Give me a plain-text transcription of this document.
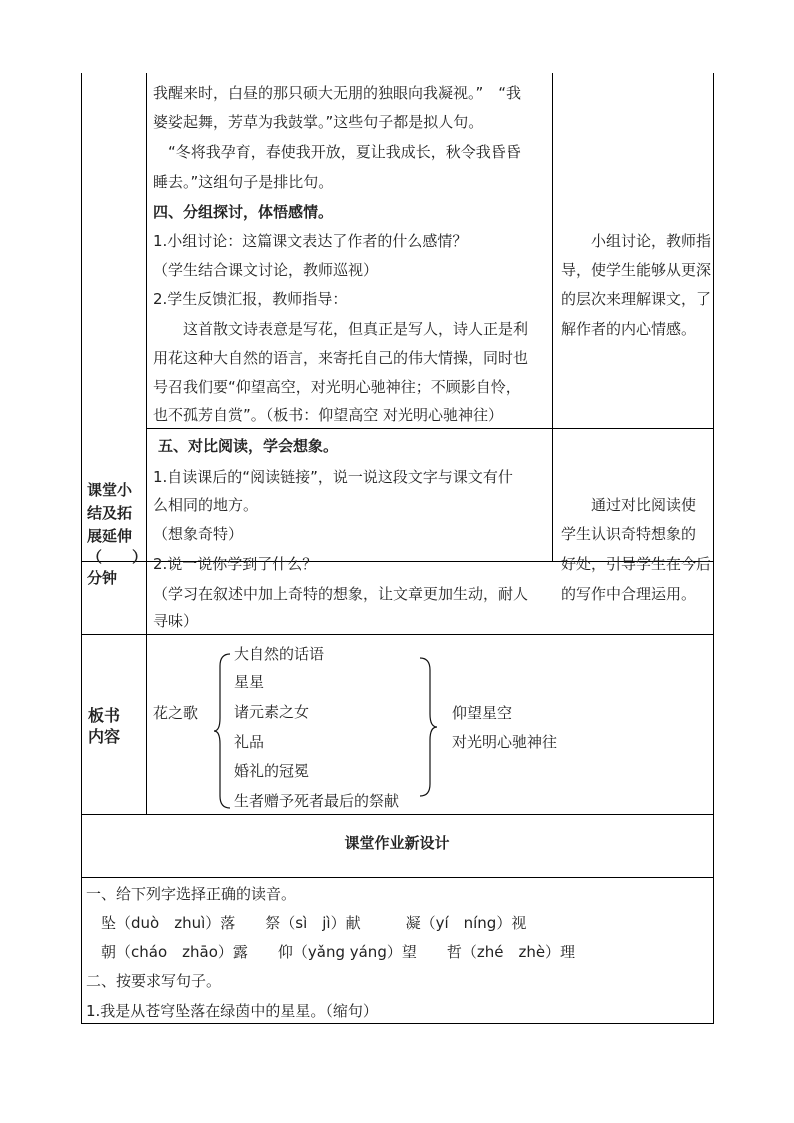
我醒来时，白昼的那只硕大无朋的独眼向我凝视。”　“我
婆娑起舞，芳草为我鼓掌。”这些句子都是拟人句。
　“冬将我孕育，春使我开放，夏让我成长，秋令我昏昏
睡去。”这组句子是排比句。
四、分组探讨，体悟感情。
1.小组讨论：这篇课文表达了作者的什么感情？
（学生结合课文讨论，教师巡视）
2.学生反馈汇报，教师指导：
　　这首散文诗表意是写花，但真正是写人，诗人正是利
用花这种大自然的语言，来寄托自己的伟大情操，同时也
号召我们要“仰望高空，对光明心驰神往；不顾影自怜，
也不孤芳自赏”。（板书：仰望高空 对光明心驰神往）
　　小组讨论，教师指
导，使学生能够从更深
的层次来理解课文，了
解作者的内心情感。
课堂小
结及拓
展延伸
（　　）
分钟
五、对比阅读，学会想象。
1.自读课后的“阅读链接”，说一说这段文字与课文有什
么相同的地方。
（想象奇特）
2.说一说你学到了什么？
（学习在叙述中加上奇特的想象，让文章更加生动，耐人
寻味）
　　通过对比阅读使
学生认识奇特想象的
好处，引导学生在今后
的写作中合理运用。
板书
内容
花之歌
大自然的话语
星星
诸元素之女
礼品
婚礼的冠冕
生者赠予死者最后的祭献
仰望星空
对光明心驰神往
课堂作业新设计
一、给下列字选择正确的读音。
　坠（duò　zhuì）落　　祭（sì　jì）献　　　凝（yí　níng）视
　朝（cháo　zhāo）露　　仰（yǎng yáng）望　　哲（zhé　zhè）理
二、按要求写句子。
1.我是从苍穹坠落在绿茵中的星星。（缩句）
